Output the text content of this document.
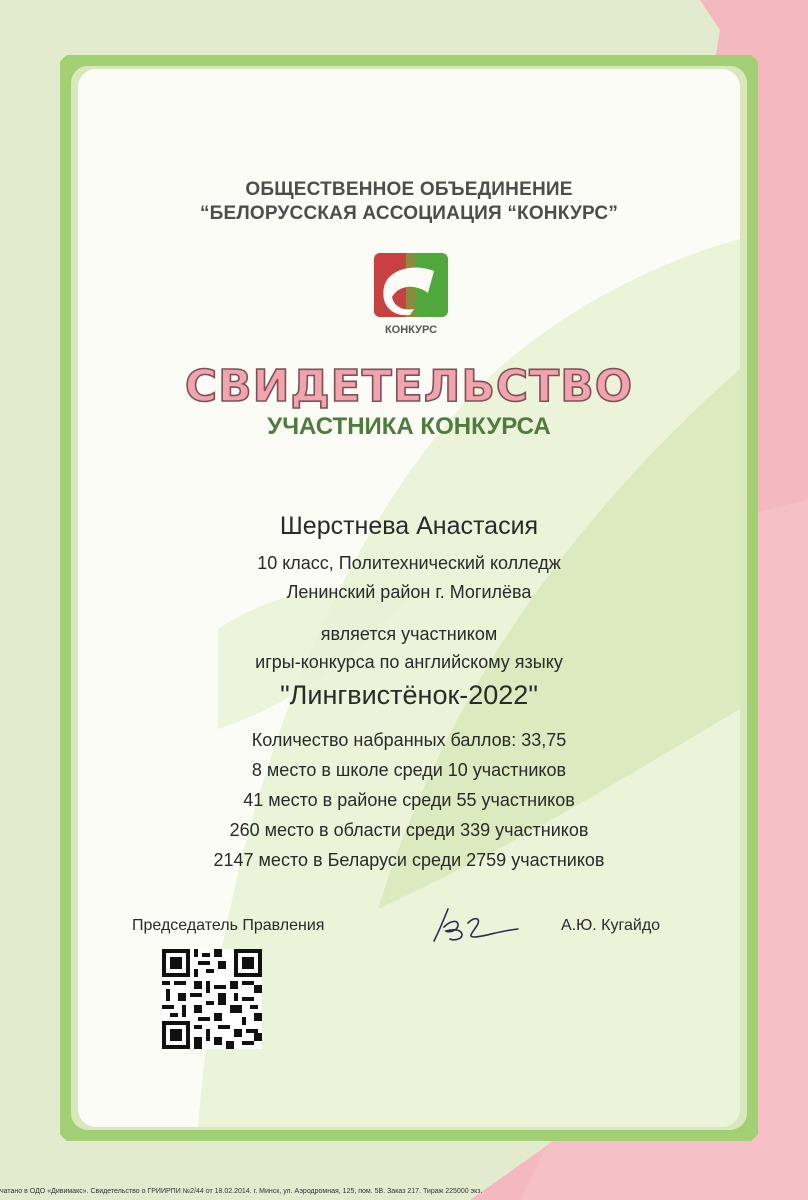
ОБЩЕСТВЕННОЕ ОБЪЕДИНЕНИЕ
“БЕЛОРУССКАЯ АССОЦИАЦИЯ “КОНКУРС”
КОНКУРС
СВИДЕТЕЛЬСТВО
УЧАСТНИКА КОНКУРСА
Шерстнева Анастасия
10 класс, Политехнический колледж
Ленинский район г. Могилёва
является участником
игры-конкурса по английскому языку
"Лингвистёнок-2022"
Количество набранных баллов: 33,75
8 место в школе среди 10 участников
41 место в районе среди 55 участников
260 место в области среди 339 участников
2147 место в Беларуси среди 2759 участников
Председатель Правления	А.Ю. Кугайдо
чатано в ОДО «Дивимакс». Свидетельство о ГРИИРПИ №2/44 от 18.02.2014. г. Минск, ул. Аэродромная, 125, пом. 5В. Заказ 217. Тираж 225000 экз.
